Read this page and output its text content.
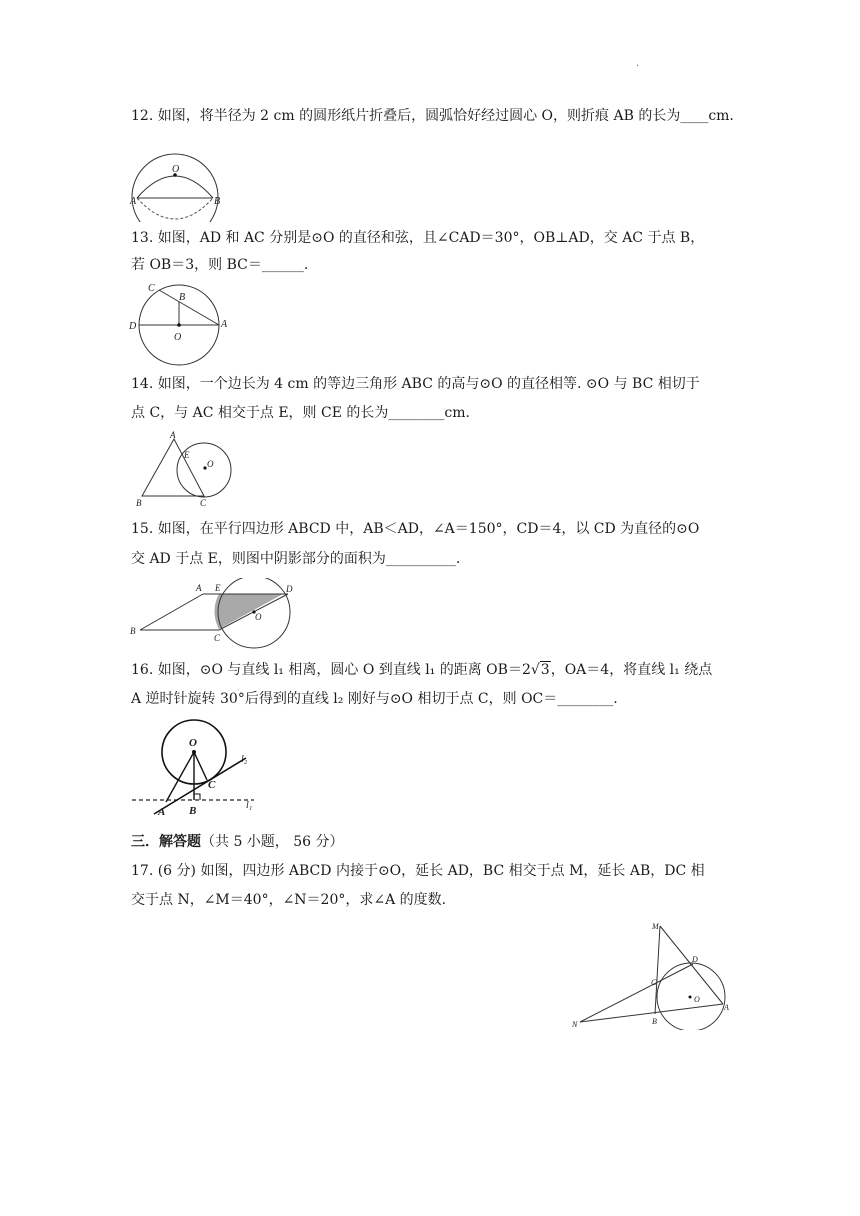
.
12. 如图，将半径为 2 cm 的圆形纸片折叠后，圆弧恰好经过圆心 O，则折痕 AB 的长为____cm.
O
A	B
13. 如图，AD 和 AC 分别是⊙O 的直径和弦，且∠CAD＝30°，OB⊥AD，交 AC 于点 B，
若 OB＝3，则 BC＝______.
C
B
D	A
O
14. 如图，一个边长为 4 cm 的等边三角形 ABC 的高与⊙O 的直径相等. ⊙O 与 BC 相切于
点 C，与 AC 相交于点 E，则 CE 的长为________cm.
A
E
O
B	C
15. 如图，在平行四边形 ABCD 中，AB＜AD，∠A＝150°，CD＝4，以 CD 为直径的⊙O
交 AD 于点 E，则图中阴影部分的面积为__________.
A E	D
B
C
O
16. 如图，⊙O 与直线 l₁ 相离，圆心 O 到直线 l₁ 的距离 OB＝2√3，OA＝4，将直线 l₁ 绕点
A 逆时针旋转 30°后得到的直线 l₂ 刚好与⊙O 相切于点 C，则 OC＝________.
O
C
A B	l₁
l₂
三．解答题（共 5 小题， 56 分）
17. (6 分) 如图，四边形 ABCD 内接于⊙O，延长 AD，BC 相交于点 M，延长 AB，DC 相
交于点 N，∠M＝40°，∠N＝20°，求∠A 的度数.
M
D
C
O
A
N	B
